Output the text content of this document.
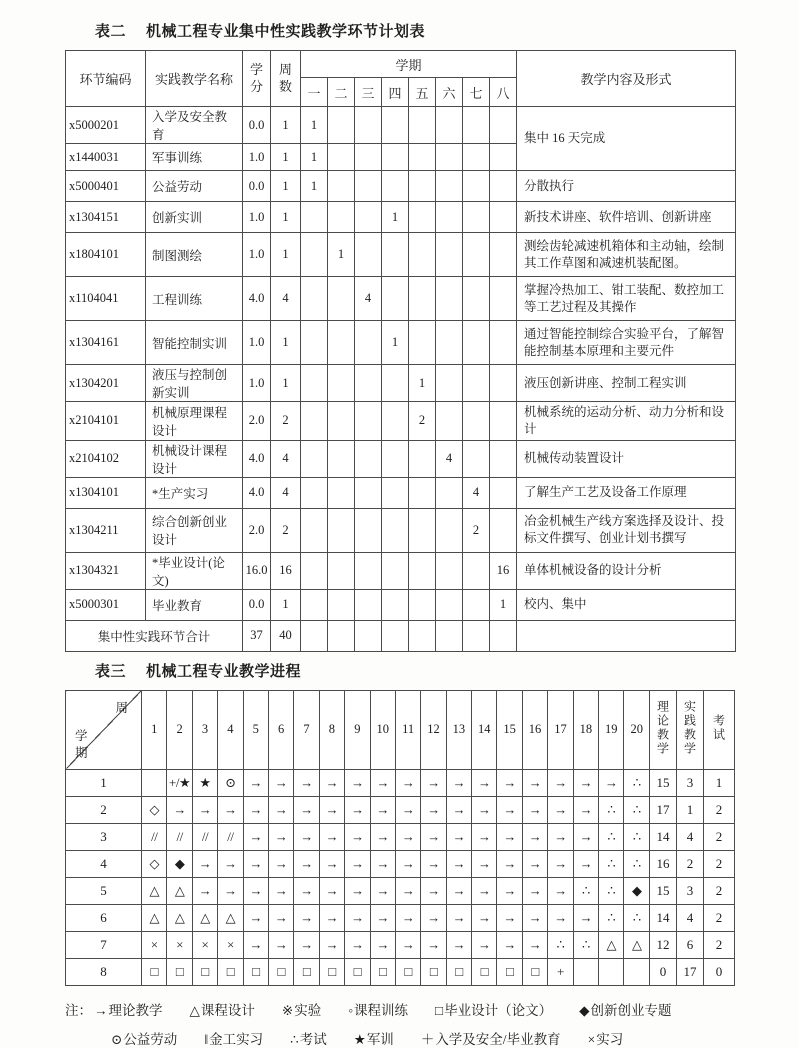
表二 机械工程专业集中性实践教学环节计划表
环节编码	实践教学名称	学分	周数	学期								教学内容及形式
				一	二	三	四	五	六	七	八	
x5000201	入学及安全教育	0.0	1	1								集中 16 天完成
x1440031	军事训练	1.0	1	1								
x5000401	公益劳动	0.0	1	1								分散执行
x1304151	创新实训	1.0	1				1					新技术讲座、软件培训、创新讲座
x1804101	制图测绘	1.0	1		1							测绘齿轮减速机箱体和主动轴，绘制其工作草图和减速机装配图。
x1104041	工程训练	4.0	4			4						掌握冷热加工、钳工装配、数控加工等工艺过程及其操作
x1304161	智能控制实训	1.0	1				1					通过智能控制综合实验平台，了解智能控制基本原理和主要元件
x1304201	液压与控制创新实训	1.0	1					1				液压创新讲座、控制工程实训
x2104101	机械原理课程设计	2.0	2					2				机械系统的运动分析、动力分析和设计
x2104102	机械设计课程设计	4.0	4						4			机械传动装置设计
x1304101	*生产实习	4.0	4							4		了解生产工艺及设备工作原理
x1304211	综合创新创业设计	2.0	2							2		冶金机械生产线方案选择及设计、投标文件撰写、创业计划书撰写
x1304321	*毕业设计(论文)	16.0	16								16	单体机械设备的设计分析
x5000301	毕业教育	0.0	1								1	校内、集中
集中性实践环节合计		37	40									
表三 机械工程专业教学进程
周
学期	1	2	3	4	5	6	7	8	9	10	11	12	13	14	15	16	17	18	19	20	理论教学	实践教学	考试
1		+/★	★	⊙	→	→	→	→	→	→	→	→	→	→	→	→	→	→	→	∴	15	3	1
2	◇	→	→	→	→	→	→	→	→	→	→	→	→	→	→	→	→	→	∴	∴	17	1	2
3	//	//	//	//	→	→	→	→	→	→	→	→	→	→	→	→	→	→	∴	∴	14	4	2
4	◇	◆	→	→	→	→	→	→	→	→	→	→	→	→	→	→	→	→	∴	∴	16	2	2
5	△	△	→	→	→	→	→	→	→	→	→	→	→	→	→	→	→	∴	∴	◆	15	3	2
6	△	△	△	△	→	→	→	→	→	→	→	→	→	→	→	→	→	→	∴	∴	14	4	2
7	×	×	×	×	→	→	→	→	→	→	→	→	→	→	→	→	∴	∴	△	△	12	6	2
8	□	□	□	□	□	□	□	□	□	□	□	□	□	□	□	□	+				0	17	0
注： →理论教学 △课程设计 ※实验 ◦课程训练 □毕业设计（论文） ◆创新创业专题
⊙公益劳动 ‖金工实习 ∴考试 ★军训 ＋入学及安全/毕业教育 ×实习
